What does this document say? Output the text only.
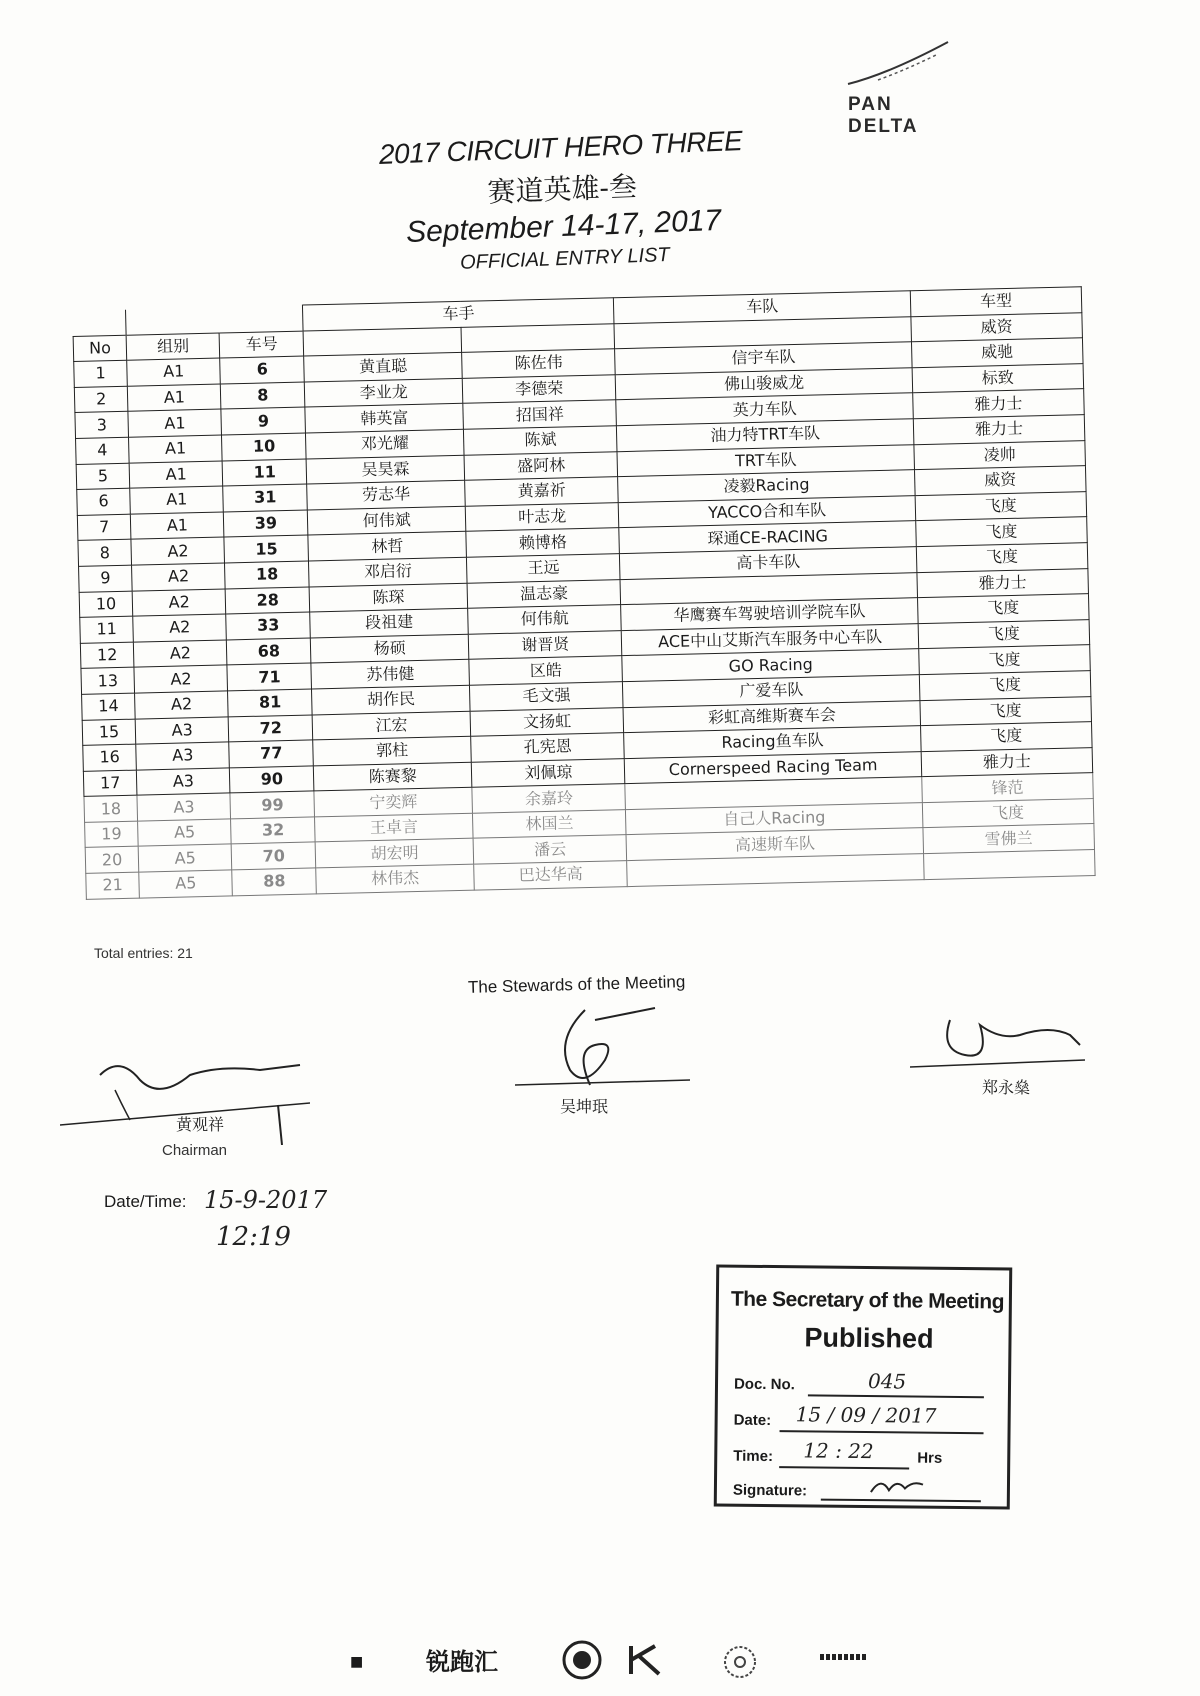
PAN DELTA
2017 CIRCUIT HERO THREE
赛道英雄-叁
September 14-17, 2017
OFFICIAL ENTRY LIST
			车手		车队	车型
No	组别	车号				威资
1	A1	6	黄直聪	陈佐伟	信宇车队	威驰
2	A1	8	李业龙	李德荣	佛山骏威龙	标致
3	A1	9	韩英富	招国祥	英力车队	雅力士
4	A1	10	邓光耀	陈斌	油力特TRT车队	雅力士
5	A1	11	吴昊霖	盛阿林	TRT车队	凌帅
6	A1	31	劳志华	黄嘉祈	凌毅Racing	威资
7	A1	39	何伟斌	叶志龙	YACCO合和车队	飞度
8	A2	15	林哲	赖博格	琛通CE-RACING	飞度
9	A2	18	邓启衍	王远	高卡车队	飞度
10	A2	28	陈琛	温志豪		雅力士
11	A2	33	段祖建	何伟航	华鹰赛车驾驶培训学院车队	飞度
12	A2	68	杨硕	谢晋贤	ACE中山艾斯汽车服务中心车队	飞度
13	A2	71	苏伟健	区皓	GO Racing	飞度
14	A2	81	胡作民	毛文强	广爱车队	飞度
15	A3	72	江宏	文扬虹	彩虹高维斯赛车会	飞度
16	A3	77	郭柱	孔宪恩	Racing鱼车队	飞度
17	A3	90	陈赛黎	刘佩琼	Cornerspeed Racing Team	雅力士
18	A3	99	宁奕辉	余嘉玲		锋范
19	A5	32	王卓言	林国兰	自己人Racing	飞度
20	A5	70	胡宏明	潘云	高速斯车队	雪佛兰
21	A5	88	林伟杰	巴达华高		
Total entries: 21
The Stewards of the Meeting
黄观祥
Chairman
吴坤珉
郑永燊
Date/Time: 15-9-2017
12:19
The Secretary of the Meeting
Published
Doc. No.	045
Date: 15 / 09 / 2017
Time: 12 : 22	Hrs
Signature:
■	锐跑汇
